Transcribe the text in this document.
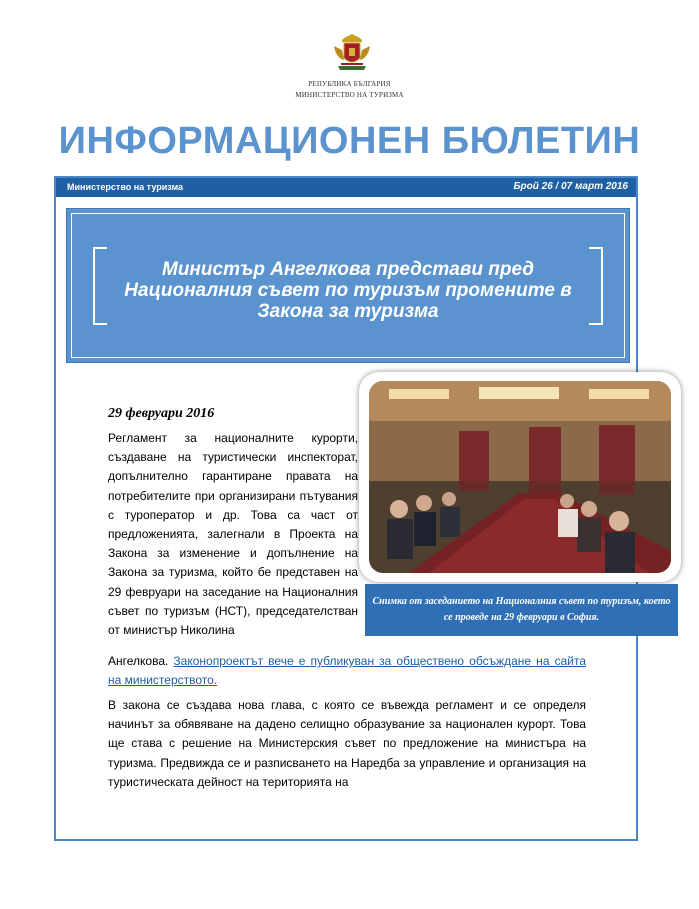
РЕПУБЛИКА БЪЛГАРИЯ
МИНИСТЕРСТВО НА ТУРИЗМА
ИНФОРМАЦИОНЕН БЮЛЕТИН
Министерство на туризма	Брой 26 / 07 март 2016
Министър Ангелкова представи пред Националния съвет по туризъм промените в Закона за туризма
Снимка от заседанието на Националния съвет по туризъм, което се проведе на 29 февруари в София.
29 февруари 2016

Регламент за националните курорти, създаване на туристически инспекторат, допълнително гарантиране правата на потребителите при организирани пътувания с туроператор и др. Това са част от предложенията, залегнали в Проекта на Закона за изменение и допълнение на Закона за туризма, който бе представен на 29 февруари на заседание на Националния съвет по туризъм (НСТ), председателстван от министър Николина

Ангелкова. Законопроектът вече е публикуван за обществено обсъждане на сайта на министерството.

В закона се създава нова глава, с която се въвежда регламент и се определя начинът за обявяване на дадено селищно образувание за национален курорт. Това ще става с решение на Министерския съвет по предложение на министъра на туризма. Предвижда се и разписването на Наредба за управление и организация на туристическата дейност на територията на
